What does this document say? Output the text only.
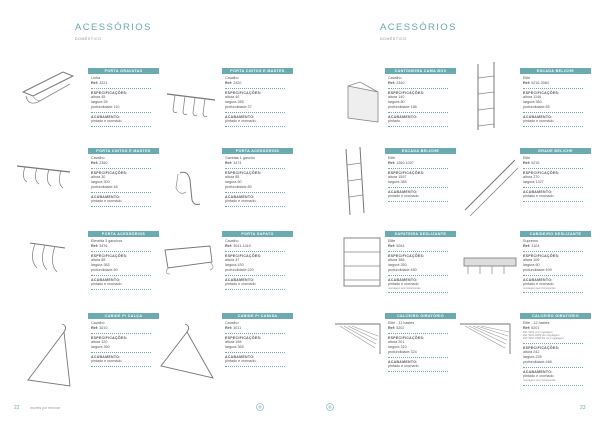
ACESSÓRIOS
DOMÉSTICO
PORTA GRAVATAS
Linha
Ref: 3221
ESPECIFICAÇÕES:
altura 45
largura 26
profundidade 110
ACABAMENTO:
pintado e cromado
PORTA CINTOS E MASTES
Cavalho
Ref: 2420
ESPECIFICAÇÕES:
altura 40
largura 285
profundidade 37
ACABAMENTO:
pintado e cromado
PORTA CINTOS E MASTES
Cavalho
Ref: 2350
ESPECIFICAÇÕES:
altura 30
largura 300
profundidade 46
ACABAMENTO:
pintado e cromado
PORTA ACESSÓRIOS
Gavetas 1 gancho
Ref: 3474
ESPECIFICAÇÕES:
altura 85
largura 60
profundidade 80
ACABAMENTO:
pintado e cromado
PORTA ACESSÓRIOS
Eleveita 3 ganchos
Ref: 3476
ESPECIFICAÇÕES:
altura 85
largura 383
profundidade 80
ACABAMENTO:
pintado e cromado
PORTA SAPATO
Cavalho
Ref: 3041-1410
ESPECIFICAÇÕES:
altura 47
largura 430
profundidade 220
ACABAMENTO:
pintado e cromado
CABIDE P/ CALÇA
Cavalho
Ref: 3010
ESPECIFICAÇÕES:
altura 120
largura 350
ACABAMENTO:
pintado e cromado
CABIDE P/ CAMISA
Cavalho
Ref: 3011
ESPECIFICAÇÕES:
altura 198
largura 365
ACABAMENTO:
pintado e cromado
22	moveis por renovar
ACESSÓRIOS
DOMÉSTICO
CANTONEIRA CAMA BOX
Cavalho
Ref: 2340
ESPECIFICAÇÕES:
altura 140
largura 80
profundidade 168
ACABAMENTO:
pintado
ESCADA BELICHE
Elite
Ref: 5216-3984
ESPECIFICAÇÕES:
altura 1146
largura 380
profundidade 65
ACABAMENTO:
pintado e cromado
ESCADA BELICHE
Elite
Ref: 1260-1007
ESPECIFICAÇÕES:
altura 1597
largura 385
ACABAMENTO:
pintado e cromado
GRADE BELICHE
Elite
Ref: 5215
ESPECIFICAÇÕES:
altura 270
largura 1327
ACABAMENTO:
pintado e cromado
SAPATEIRA DESLIZANTE
Elite
Ref: 5264
ESPECIFICAÇÕES:
altura 388
largura 350
profundidade 450
ACABAMENTO:
pintado e cromado
montagem sem ferramentas
CABIDEIRO DESLIZANTE
Supremo
Ref: 3104
ESPECIFICAÇÕES:
altura 106
largura 60
profundidade 409
ACABAMENTO:
pintado e cromado
montagem sem ferramentas
CALCEIRO GIRATÓRIO
Elite - 11 hastes
Ref: 5202
ESPECIFICAÇÕES:
altura 201
largura 310
profundidade 324
ACABAMENTO:
pintado e cromado
CALCEIRO GIRATÓRIO
Elite - 12 hastes
Ref: 5201
Ref: 5201 com regulagem
Ref: 5201-0405 sem regulagem
Ref: 5201-0405-R2 com regulagem
ESPECIFICAÇÕES:
altura 242
largura 235
profundidade 468
ACABAMENTO:
pintado e cromado
montagem sem ferramentas
23
